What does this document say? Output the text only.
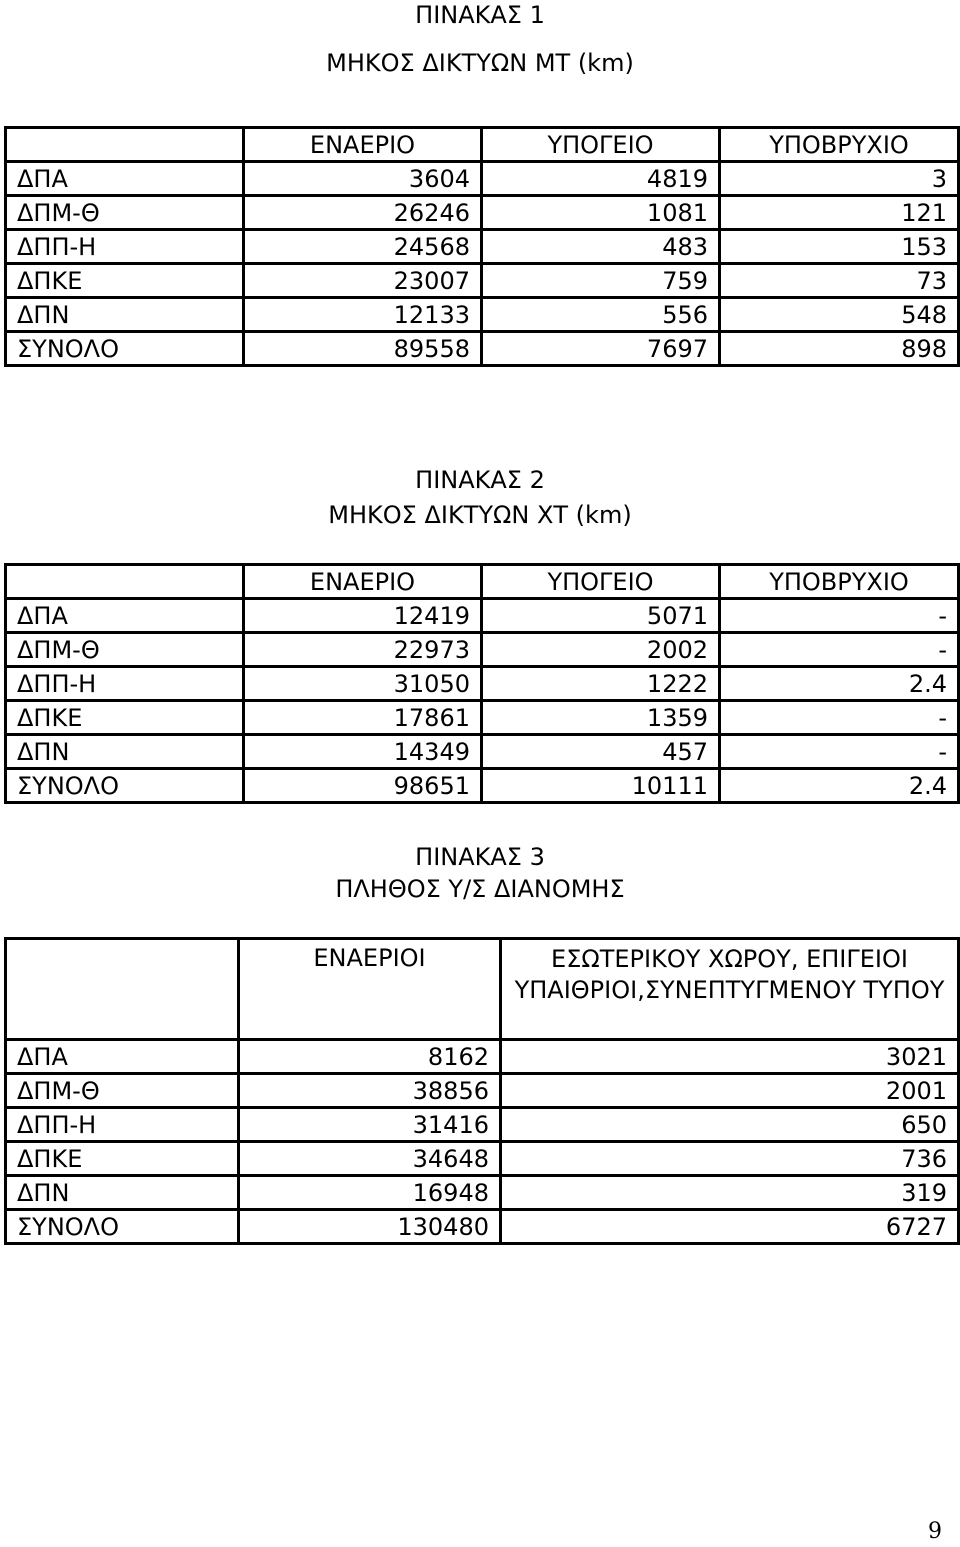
ΠΙΝΑΚΑΣ 1
ΜΗΚΟΣ ΔΙΚΤΥΩΝ ΜΤ (km)
	ΕΝΑΕΡΙΟ	ΥΠΟΓΕΙΟ	ΥΠΟΒΡΥΧΙΟ
ΔΠΑ	3604	4819	3
ΔΠΜ-Θ	26246	1081	121
ΔΠΠ-Η	24568	483	153
ΔΠΚΕ	23007	759	73
ΔΠΝ	12133	556	548
ΣΥΝΟΛΟ	89558	7697	898
ΠΙΝΑΚΑΣ 2
ΜΗΚΟΣ ΔΙΚΤΥΩΝ ΧΤ (km)
	ΕΝΑΕΡΙΟ	ΥΠΟΓΕΙΟ	ΥΠΟΒΡΥΧΙΟ
ΔΠΑ	12419	5071	-
ΔΠΜ-Θ	22973	2002	-
ΔΠΠ-Η	31050	1222	2.4
ΔΠΚΕ	17861	1359	-
ΔΠΝ	14349	457	-
ΣΥΝΟΛΟ	98651	10111	2.4
ΠΙΝΑΚΑΣ 3
ΠΛΗΘΟΣ Υ/Σ ΔΙΑΝΟΜΗΣ
	ΕΝΑΕΡΙΟΙ	ΕΣΩΤΕΡΙΚΟΥ ΧΩΡΟΥ, ΕΠΙΓΕΙΟΙ ΥΠΑΙΘΡΙΟΙ,ΣΥΝΕΠΤΥΓΜΕΝΟΥ ΤΥΠΟΥ
ΔΠΑ	8162	3021
ΔΠΜ-Θ	38856	2001
ΔΠΠ-Η	31416	650
ΔΠΚΕ	34648	736
ΔΠΝ	16948	319
ΣΥΝΟΛΟ	130480	6727
9
